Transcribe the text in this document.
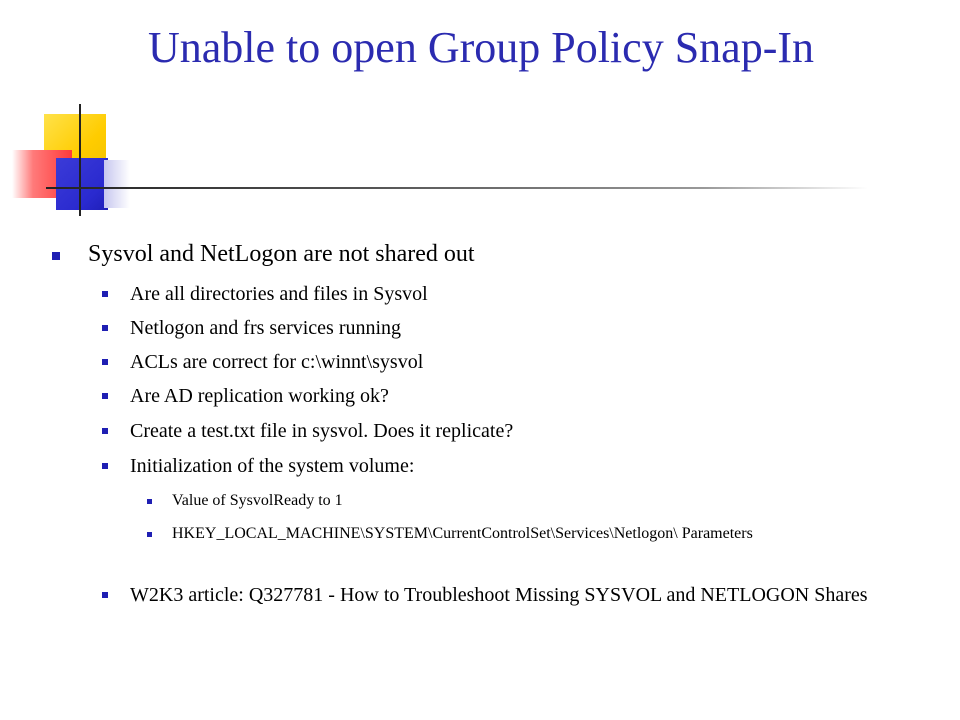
Unable to open Group Policy Snap-In

Sysvol and NetLogon are not shared out

Are all directories and files in Sysvol

Netlogon and frs services running

ACLs are correct for c:\winnt\sysvol

Are AD replication working ok?

Create a test.txt file in sysvol. Does it replicate?

Initialization of the system volume:

Value of SysvolReady to 1

HKEY_LOCAL_MACHINE\SYSTEM\CurrentControlSet\Services\Netlogon\ Parameters

W2K3 article: Q327781 - How to Troubleshoot Missing SYSVOL and NETLOGON Shares
